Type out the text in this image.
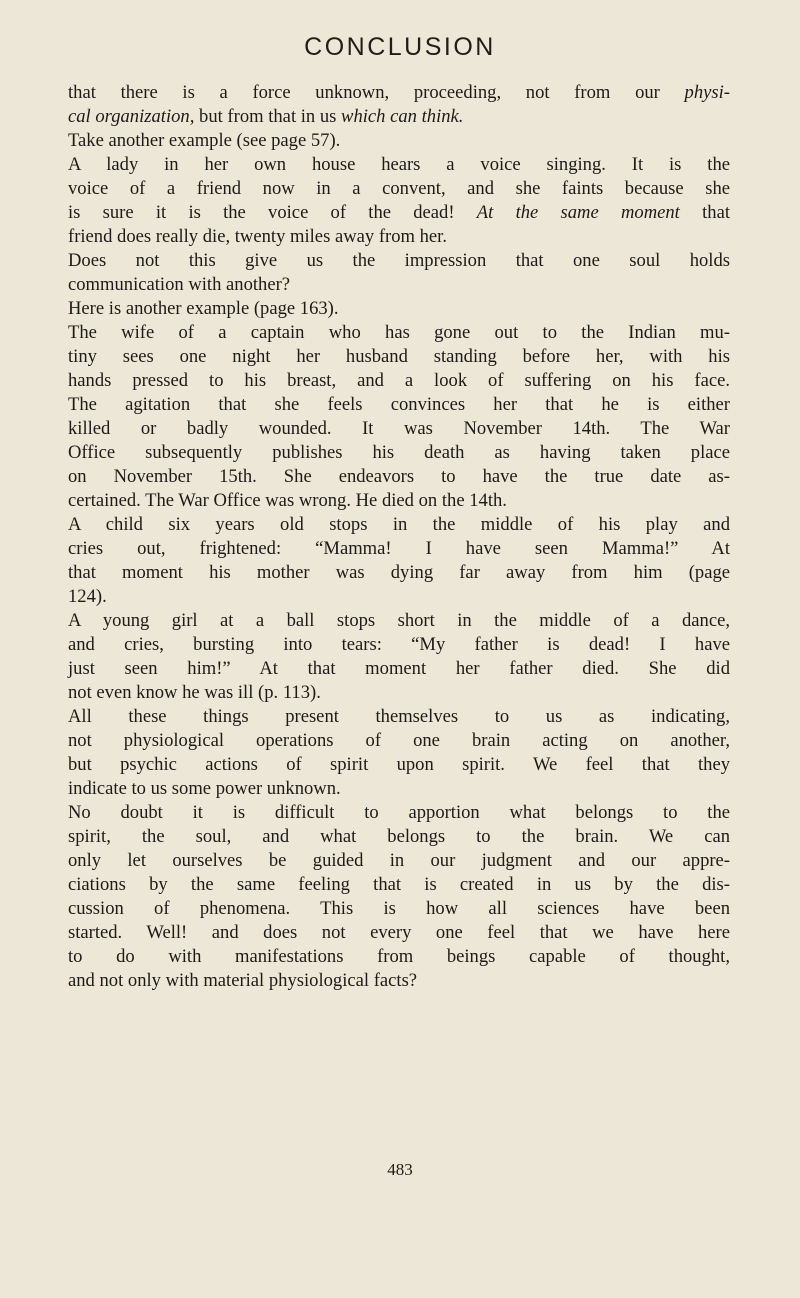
CONCLUSION
that there is a force unknown, proceeding, not from our physi-
cal organization, but from that in us which can think.
Take another example (see page 57).
A lady in her own house hears a voice singing. It is the
voice of a friend now in a convent, and she faints because she
is sure it is the voice of the dead! At the same moment that
friend does really die, twenty miles away from her.
Does not this give us the impression that one soul holds
communication with another?
Here is another example (page 163).
The wife of a captain who has gone out to the Indian mu-
tiny sees one night her husband standing before her, with his
hands pressed to his breast, and a look of suffering on his face.
The agitation that she feels convinces her that he is either
killed or badly wounded. It was November 14th. The War
Office subsequently publishes his death as having taken place
on November 15th. She endeavors to have the true date as-
certained. The War Office was wrong. He died on the 14th.
A child six years old stops in the middle of his play and
cries out, frightened: “Mamma! I have seen Mamma!” At
that moment his mother was dying far away from him (page
124).
A young girl at a ball stops short in the middle of a dance,
and cries, bursting into tears: “My father is dead! I have
just seen him!” At that moment her father died. She did
not even know he was ill (p. 113).
All these things present themselves to us as indicating,
not physiological operations of one brain acting on another,
but psychic actions of spirit upon spirit. We feel that they
indicate to us some power unknown.
No doubt it is difficult to apportion what belongs to the
spirit, the soul, and what belongs to the brain. We can
only let ourselves be guided in our judgment and our appre-
ciations by the same feeling that is created in us by the dis-
cussion of phenomena. This is how all sciences have been
started. Well! and does not every one feel that we have here
to do with manifestations from beings capable of thought,
and not only with material physiological facts?
483
